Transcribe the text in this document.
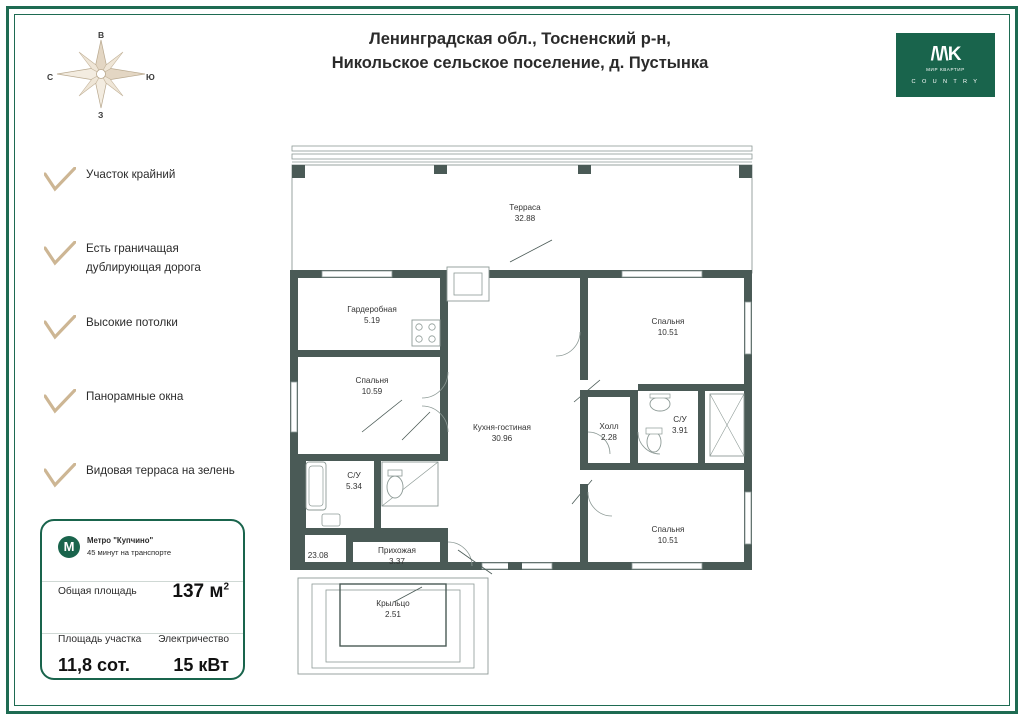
Ленинградская обл., Тосненский р-н,
Никольское сельское поселение, д. Пустынка	/\/\K
МИР КВАРТИР
C O U N T R Y
В
С	Ю
З
Участок крайний
Есть граничащая дублирующая дорога
Высокие потолки
Панорамные окна
Видовая терраса на зелень
M	Метро "Купчино"
45 минут на транспорте
Общая площадь 137 $м^2$
Площадь участка Электричество
11,8 сот. 15 кВт
Терраса
32.88
Гардеробная
5.19
Спальня
10.59
Спальня
10.51
Спальня
10.51
Кухня-гостиная
30.96
Холл
2.28
С/У
5.34
С/У
3.91
Прихожая
3.37
Крыльцо
2.51
23.08
